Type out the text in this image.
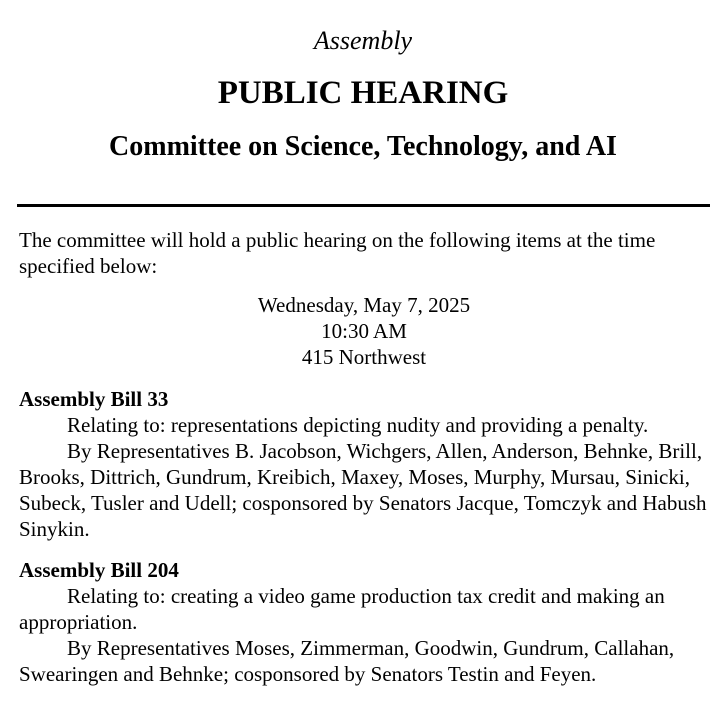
Assembly
PUBLIC HEARING
Committee on Science, Technology, and AI

The committee will hold a public hearing on the following items at the time specified below:

Wednesday, May 7, 2025
10:30 AM
415 Northwest
Assembly Bill 33

Relating to: representations depicting nudity and providing a penalty.

By Representatives B. Jacobson, Wichgers, Allen, Anderson, Behnke, Brill, Brooks, Dittrich, Gundrum, Kreibich, Maxey, Moses, Murphy, Mursau, Sinicki, Subeck, Tusler and Udell; cosponsored by Senators Jacque, Tomczyk and Habush Sinykin.

Assembly Bill 204

Relating to: creating a video game production tax credit and making an appropriation.

By Representatives Moses, Zimmerman, Goodwin, Gundrum, Callahan, Swearingen and Behnke; cosponsored by Senators Testin and Feyen.
